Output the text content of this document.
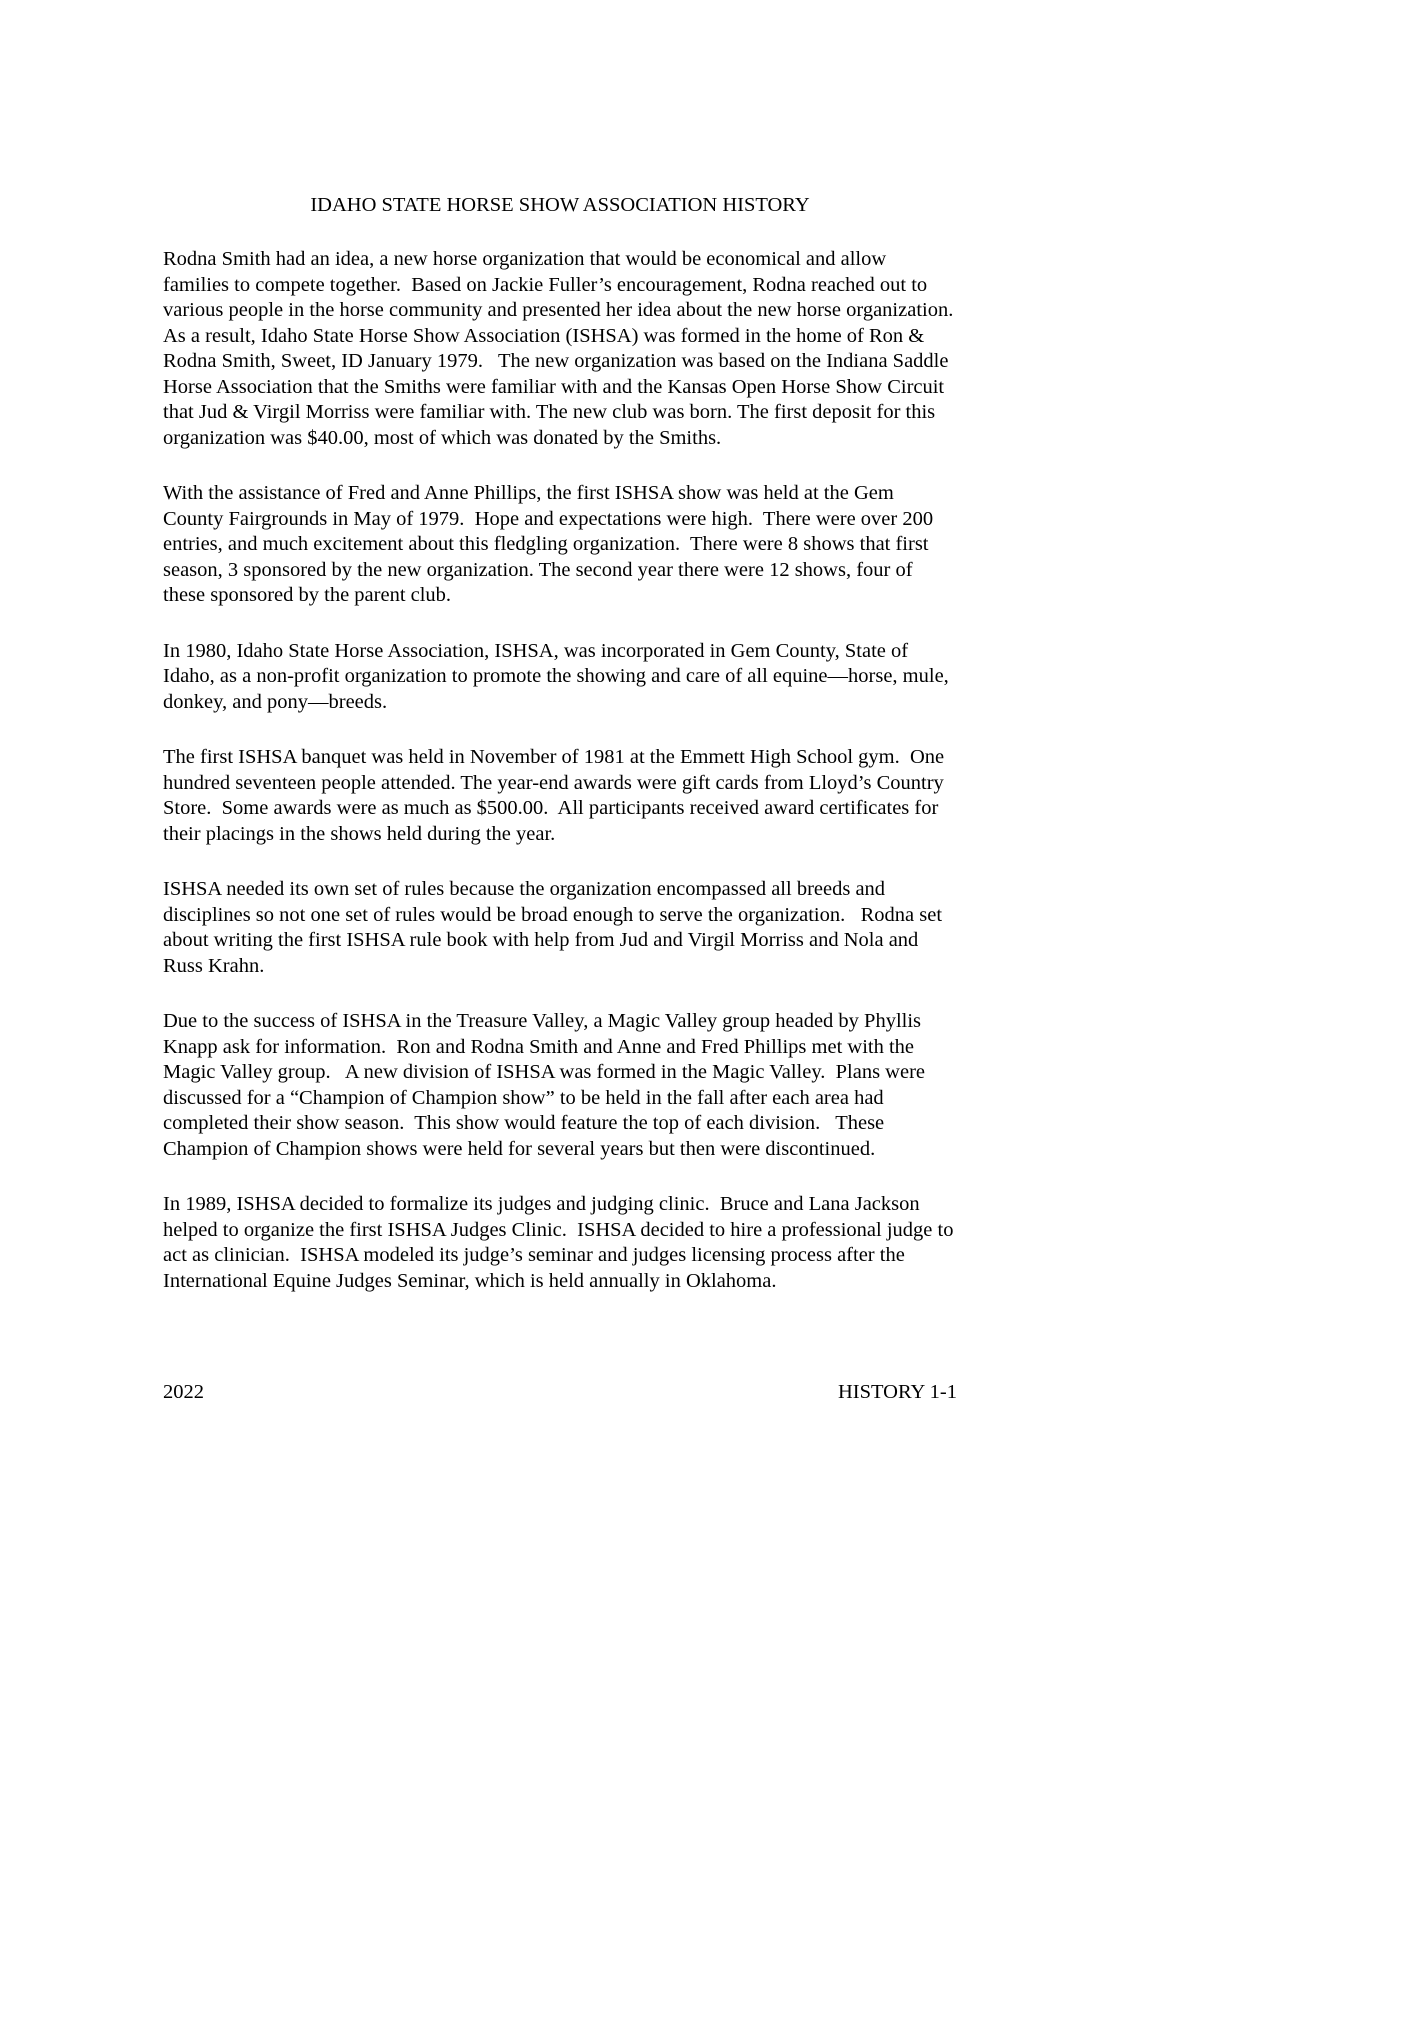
IDAHO STATE HORSE SHOW ASSOCIATION HISTORY

Rodna Smith had an idea, a new horse organization that would be economical and allow families to compete together.  Based on Jackie Fuller’s encouragement, Rodna reached out to various people in the horse community and presented her idea about the new horse organization.  As a result, Idaho State Horse Show Association (ISHSA) was formed in the home of Ron & Rodna Smith, Sweet, ID January 1979.   The new organization was based on the Indiana Saddle Horse Association that the Smiths were familiar with and the Kansas Open Horse Show Circuit that Jud & Virgil Morriss were familiar with. The new club was born. The first deposit for this organization was $40.00, most of which was donated by the Smiths.

With the assistance of Fred and Anne Phillips, the first ISHSA show was held at the Gem County Fairgrounds in May of 1979.  Hope and expectations were high.  There were over 200 entries, and much excitement about this fledgling organization.  There were 8 shows that first season, 3 sponsored by the new organization. The second year there were 12 shows, four of these sponsored by the parent club.

In 1980, Idaho State Horse Association, ISHSA, was incorporated in Gem County, State of Idaho, as a non-profit organization to promote the showing and care of all equine—horse, mule, donkey, and pony—breeds.

The first ISHSA banquet was held in November of 1981 at the Emmett High School gym.  One hundred seventeen people attended. The year-end awards were gift cards from Lloyd’s Country Store.  Some awards were as much as $500.00.  All participants received award certificates for their placings in the shows held during the year.

ISHSA needed its own set of rules because the organization encompassed all breeds and disciplines so not one set of rules would be broad enough to serve the organization.   Rodna set about writing the first ISHSA rule book with help from Jud and Virgil Morriss and Nola and Russ Krahn.

Due to the success of ISHSA in the Treasure Valley, a Magic Valley group headed by Phyllis Knapp ask for information.  Ron and Rodna Smith and Anne and Fred Phillips met with the Magic Valley group.   A new division of ISHSA was formed in the Magic Valley.  Plans were discussed for a “Champion of Champion show” to be held in the fall after each area had completed their show season.  This show would feature the top of each division.   These Champion of Champion shows were held for several years but then were discontinued.

In 1989, ISHSA decided to formalize its judges and judging clinic.  Bruce and Lana Jackson helped to organize the first ISHSA Judges Clinic.  ISHSA decided to hire a professional judge to act as clinician.  ISHSA modeled its judge’s seminar and judges licensing process after the International Equine Judges Seminar, which is held annually in Oklahoma.

2022	HISTORY 1-1
